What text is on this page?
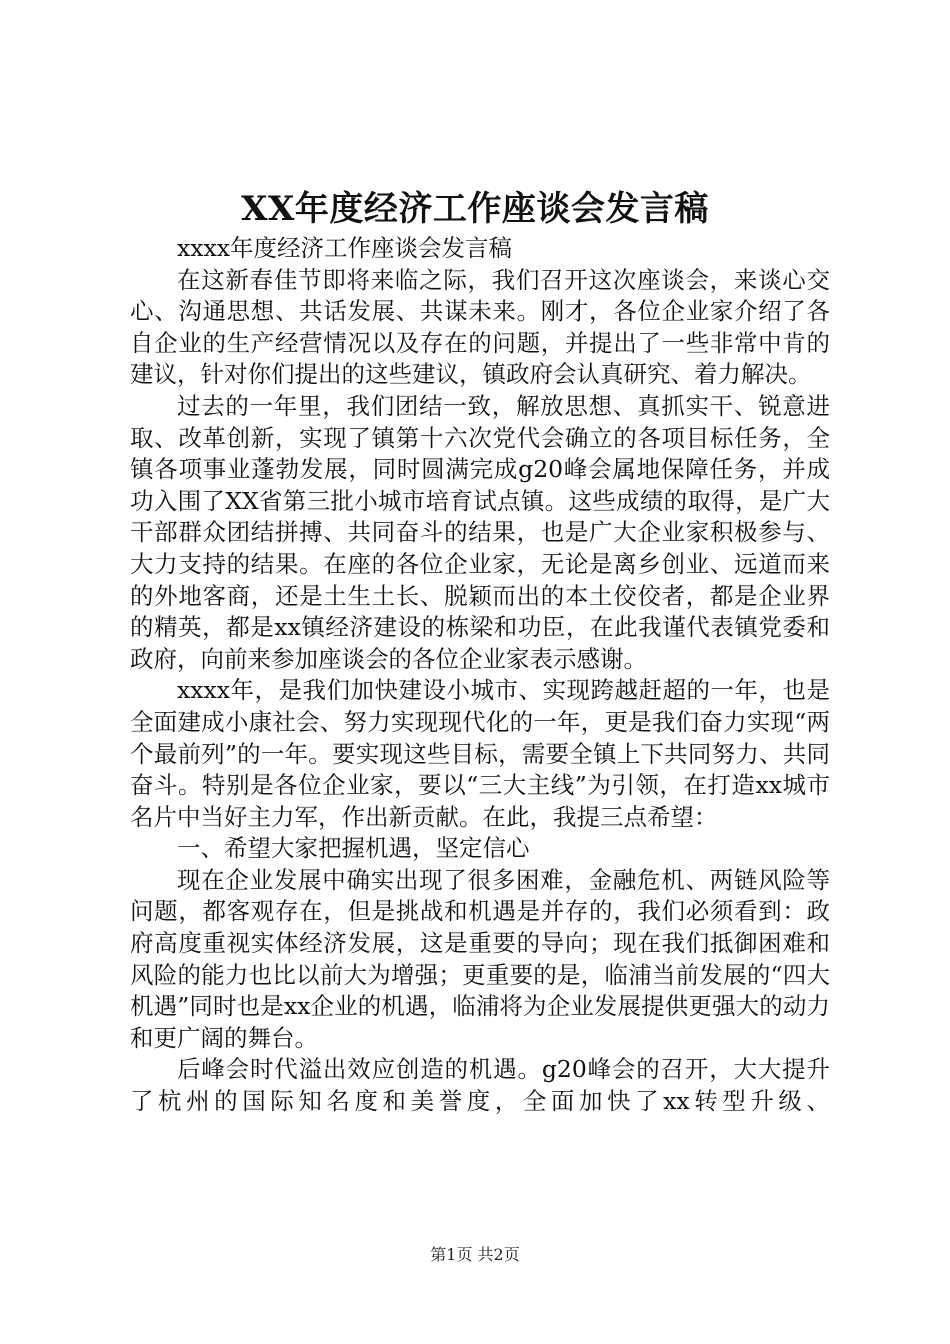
XX年度经济工作座谈会发言稿

xxxx年度经济工作座谈会发言稿

在这新春佳节即将来临之际，我们召开这次座谈会，来谈心交心、沟通思想、共话发展、共谋未来。刚才，各位企业家介绍了各自企业的生产经营情况以及存在的问题，并提出了一些非常中肯的建议，针对你们提出的这些建议，镇政府会认真研究、着力解决。

过去的一年里，我们团结一致，解放思想、真抓实干、锐意进取、改革创新，实现了镇第十六次党代会确立的各项目标任务，全镇各项事业蓬勃发展，同时圆满完成g20峰会属地保障任务，并成功入围了XX省第三批小城市培育试点镇。这些成绩的取得，是广大干部群众团结拼搏、共同奋斗的结果，也是广大企业家积极参与、大力支持的结果。在座的各位企业家，无论是离乡创业、远道而来的外地客商，还是土生土长、脱颖而出的本土佼佼者，都是企业界的精英，都是xx镇经济建设的栋梁和功臣，在此我谨代表镇党委和政府，向前来参加座谈会的各位企业家表示感谢。

xxxx年，是我们加快建设小城市、实现跨越赶超的一年，也是全面建成小康社会、努力实现现代化的一年，更是我们奋力实现“两个最前列”的一年。要实现这些目标，需要全镇上下共同努力、共同奋斗。特别是各位企业家，要以“三大主线”为引领，在打造xx城市名片中当好主力军，作出新贡献。在此，我提三点希望：

一、希望大家把握机遇，坚定信心

现在企业发展中确实出现了很多困难，金融危机、两链风险等问题，都客观存在，但是挑战和机遇是并存的，我们必须看到：政府高度重视实体经济发展，这是重要的导向；现在我们抵御困难和风险的能力也比以前大为增强；更重要的是，临浦当前发展的“四大机遇”同时也是xx企业的机遇，临浦将为企业发展提供更强大的动力和更广阔的舞台。

后峰会时代溢出效应创造的机遇。g20峰会的召开，大大提升了杭州的国际知名度和美誉度，全面加快了xx转型升级、

第1页 共2页
